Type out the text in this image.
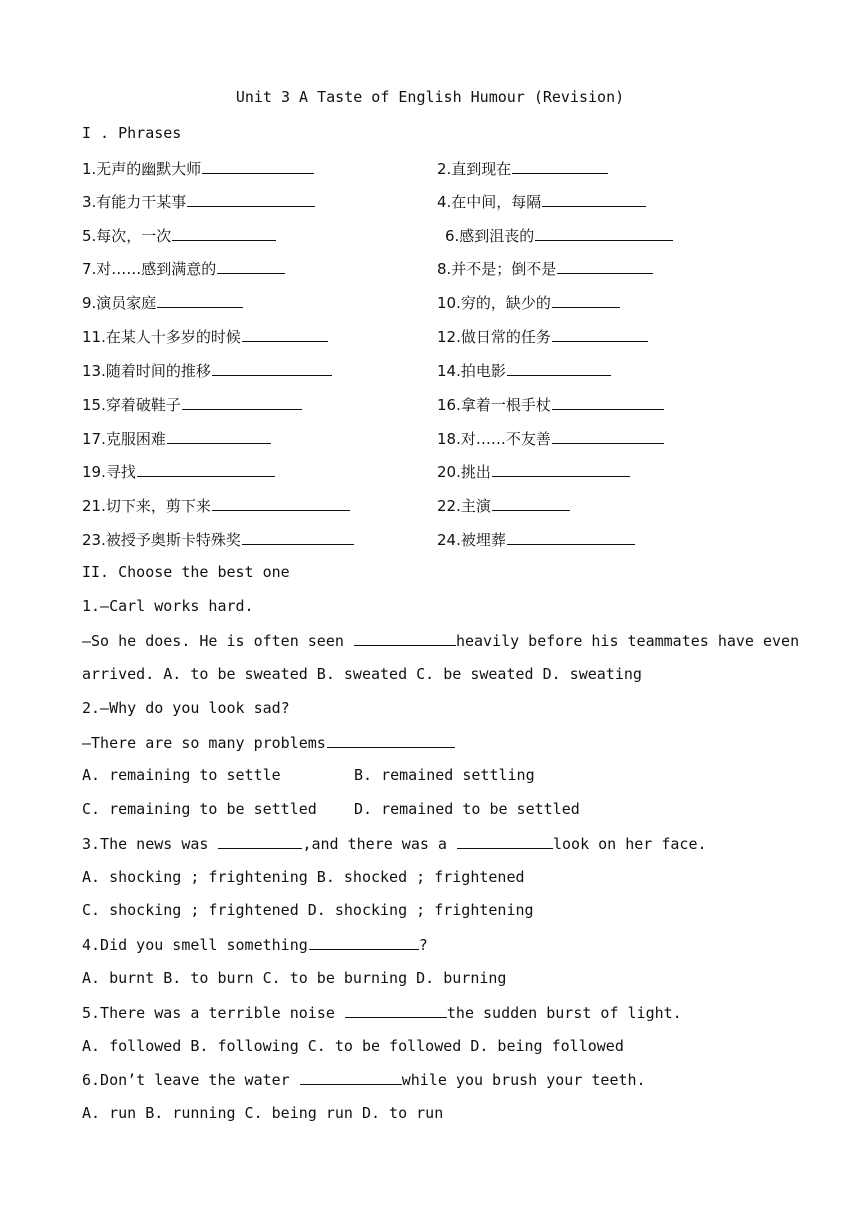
Unit 3 A Taste of English Humour (Revision)
I . Phrases
1.无声的幽默大师	2.直到现在
3.有能力干某事	4.在中间，每隔
5.每次，一次	6.感到沮丧的
7.对……感到满意的	8.并不是；倒不是
9.演员家庭	10.穷的，缺少的
11.在某人十多岁的时候	12.做日常的任务
13.随着时间的推移	14.拍电影
15.穿着破鞋子	16.拿着一根手杖
17.克服困难	18.对……不友善
19.寻找	20.挑出
21.切下来，剪下来	22.主演
23.被授予奥斯卡特殊奖	24.被埋葬
II. Choose the best one
1.—Carl works hard.
—So he does. He is often seen	heavily before his teammates have even
arrived. A. to be sweated B. sweated C. be sweated D. sweating
2.—Why do you look sad?
—There are so many problems
A. remaining to settle	B. remained settling
C. remaining to be settled D. remained to be settled
3.The news was	,and there was a	look on her face.
A. shocking ; frightening B. shocked ; frightened
C. shocking ; frightened D. shocking ; frightening
4.Did you smell something	?
A. burnt B. to burn C. to be burning D. burning
5.There was a terrible noise	the sudden burst of light.
A. followed B. following C. to be followed D. being followed
6.Don’t leave the water	while you brush your teeth.
A. run B. running C. being run D. to run
